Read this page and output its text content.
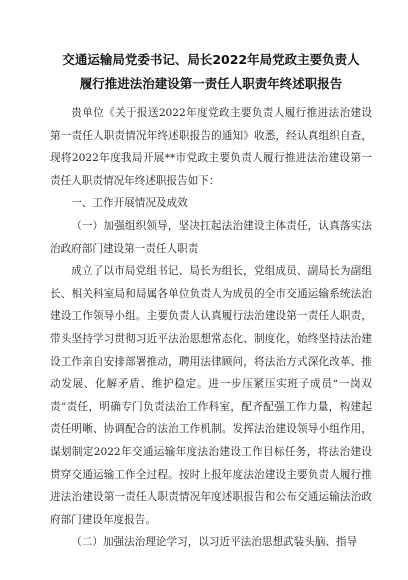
交通运输局党委书记、局长2022年局党政主要负责人
履行推进法治建设第一责任人职责年终述职报告

贵单位《关于报送2022年度党政主要负责人履行推进法治建设第一责任人职责情况年终述职报告的通知》收悉，经认真组织自查，现将2022年度我局开展**市党政主要负责人履行推进法治建设第一责任人职责情况年终述职报告如下：

一、工作开展情况及成效

（一）加强组织领导，坚决扛起法治建设主体责任，认真落实法治政府部门建设第一责任人职责

成立了以市局党组书记、局长为组长，党组成员、副局长为副组长、相关科室局和局属各单位负责人为成员的全市交通运输系统法治建设工作领导小组。主要负责人认真履行法治建设第一责任人职责，带头坚持学习贯彻习近平法治思想常态化、制度化，始终坚持法治建设工作亲自安排部署推动，聘用法律顾问，将法治方式深化改革、推动发展、化解矛盾、维护稳定。进一步压紧压实班子成员“一岗双责”责任，明确专门负责法治工作科室，配齐配强工作力量，构建起责任明晰、协调配合的法治工作机制。发挥法治建设领导小组作用，谋划制定2022年交通运输年度法治建设工作目标任务，将法治建设贯穿交通运输工作全过程。按时上报年度法治建设主要负责人履行推进法治建设第一责任人职责情况年度述职报告和公布交通运输法治政府部门建设年度报告。

（二）加强法治理论学习，以习近平法治思想武装头脑、指导
